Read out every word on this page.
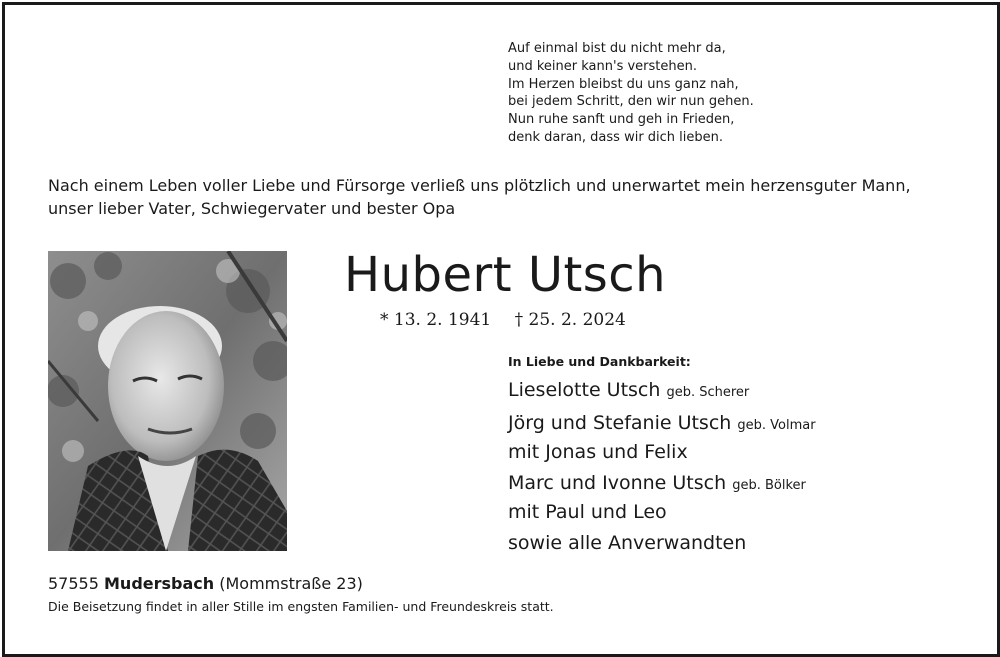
Auf einmal bist du nicht mehr da,
und keiner kann's verstehen.
Im Herzen bleibst du uns ganz nah,
bei jedem Schritt, den wir nun gehen.
Nun ruhe sanft und geh in Frieden,
denk daran, dass wir dich lieben.
Nach einem Leben voller Liebe und Fürsorge verließ uns plötzlich und unerwartet mein herzensguter Mann,
unser lieber Vater, Schwiegervater und bester Opa
Hubert Utsch
* 13. 2. 1941 † 25. 2. 2024
In Liebe und Dankbarkeit:
Lieselotte Utsch geb. Scherer
Jörg und Stefanie Utsch geb. Volmar
mit Jonas und Felix
Marc und Ivonne Utsch geb. Bölker
mit Paul und Leo
sowie alle Anverwandten
57555 Mudersbach (Mommstraße 23)
Die Beisetzung findet in aller Stille im engsten Familien- und Freundeskreis statt.
